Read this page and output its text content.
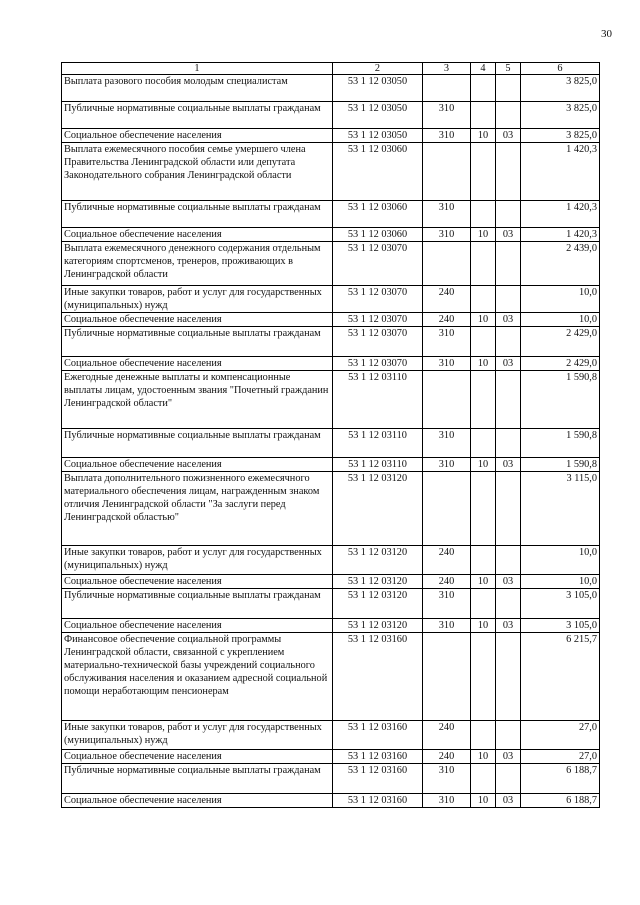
30
1	2	3	4	5	6
Выплата разового пособия молодым специалистам	53 1 12 03050				3 825,0
Публичные нормативные социальные выплаты гражданам	53 1 12 03050	310			3 825,0
Социальное обеспечение населения	53 1 12 03050	310	10	03	3 825,0
Выплата ежемесячного пособия семье умершего члена Правительства Ленинградской области или депутата Законодательного собрания Ленинградской области	53 1 12 03060				1 420,3
Публичные нормативные социальные выплаты гражданам	53 1 12 03060	310			1 420,3
Социальное обеспечение населения	53 1 12 03060	310	10	03	1 420,3
Выплата ежемесячного денежного содержания отдельным категориям спортсменов, тренеров, проживающих в Ленинградской области	53 1 12 03070				2 439,0
Иные закупки товаров, работ и услуг для государственных (муниципальных) нужд	53 1 12 03070	240			10,0
Социальное обеспечение населения	53 1 12 03070	240	10	03	10,0
Публичные нормативные социальные выплаты гражданам	53 1 12 03070	310			2 429,0
Социальное обеспечение населения	53 1 12 03070	310	10	03	2 429,0
Ежегодные денежные выплаты и компенсационные выплаты лицам, удостоенным звания "Почетный гражданин Ленинградской области"	53 1 12 03110				1 590,8
Публичные нормативные социальные выплаты гражданам	53 1 12 03110	310			1 590,8
Социальное обеспечение населения	53 1 12 03110	310	10	03	1 590,8
Выплата дополнительного пожизненного ежемесячного материального обеспечения лицам, награжденным знаком отличия Ленинградской области "За заслуги перед Ленинградской областью"	53 1 12 03120				3 115,0
Иные закупки товаров, работ и услуг для государственных (муниципальных) нужд	53 1 12 03120	240			10,0
Социальное обеспечение населения	53 1 12 03120	240	10	03	10,0
Публичные нормативные социальные выплаты гражданам	53 1 12 03120	310			3 105,0
Социальное обеспечение населения	53 1 12 03120	310	10	03	3 105,0
Финансовое обеспечение социальной программы Ленинградской области, связанной с укреплением материально-технической базы учреждений социального обслуживания населения и оказанием адресной социальной помощи неработающим пенсионерам	53 1 12 03160				6 215,7
Иные закупки товаров, работ и услуг для государственных (муниципальных) нужд	53 1 12 03160	240			27,0
Социальное обеспечение населения	53 1 12 03160	240	10	03	27,0
Публичные нормативные социальные выплаты гражданам	53 1 12 03160	310			6 188,7
Социальное обеспечение населения	53 1 12 03160	310	10	03	6 188,7
